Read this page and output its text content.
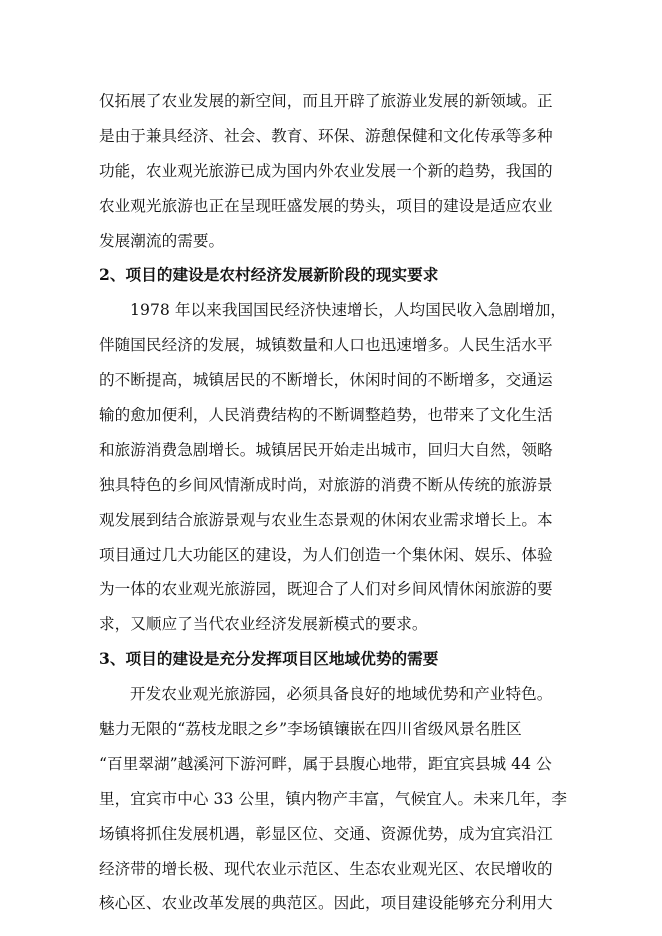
仅拓展了农业发展的新空间，而且开辟了旅游业发展的新领域。正
是由于兼具经济、社会、教育、环保、游憩保健和文化传承等多种
功能，农业观光旅游已成为国内外农业发展一个新的趋势，我国的
农业观光旅游也正在呈现旺盛发展的势头，项目的建设是适应农业
发展潮流的需要。
2、项目的建设是农村经济发展新阶段的现实要求
1978 年以来我国国民经济快速增长，人均国民收入急剧增加，
伴随国民经济的发展，城镇数量和人口也迅速增多。人民生活水平
的不断提高，城镇居民的不断增长，休闲时间的不断增多，交通运
输的愈加便利，人民消费结构的不断调整趋势，也带来了文化生活
和旅游消费急剧增长。城镇居民开始走出城市，回归大自然，领略
独具特色的乡间风情渐成时尚，对旅游的消费不断从传统的旅游景
观发展到结合旅游景观与农业生态景观的休闲农业需求增长上。本
项目通过几大功能区的建设，为人们创造一个集休闲、娱乐、体验
为一体的农业观光旅游园，既迎合了人们对乡间风情休闲旅游的要
求，又顺应了当代农业经济发展新模式的要求。
3、项目的建设是充分发挥项目区地域优势的需要
开发农业观光旅游园，必须具备良好的地域优势和产业特色。
魅力无限的“荔枝龙眼之乡”李场镇镶嵌在四川省级风景名胜区
“百里翠湖”越溪河下游河畔，属于县腹心地带，距宜宾县城 44 公
里，宜宾市中心 33 公里，镇内物产丰富，气候宜人。未来几年，李
场镇将抓住发展机遇，彰显区位、交通、资源优势，成为宜宾沿江
经济带的增长极、现代农业示范区、生态农业观光区、农民增收的
核心区、农业改革发展的典范区。因此，项目建设能够充分利用大
